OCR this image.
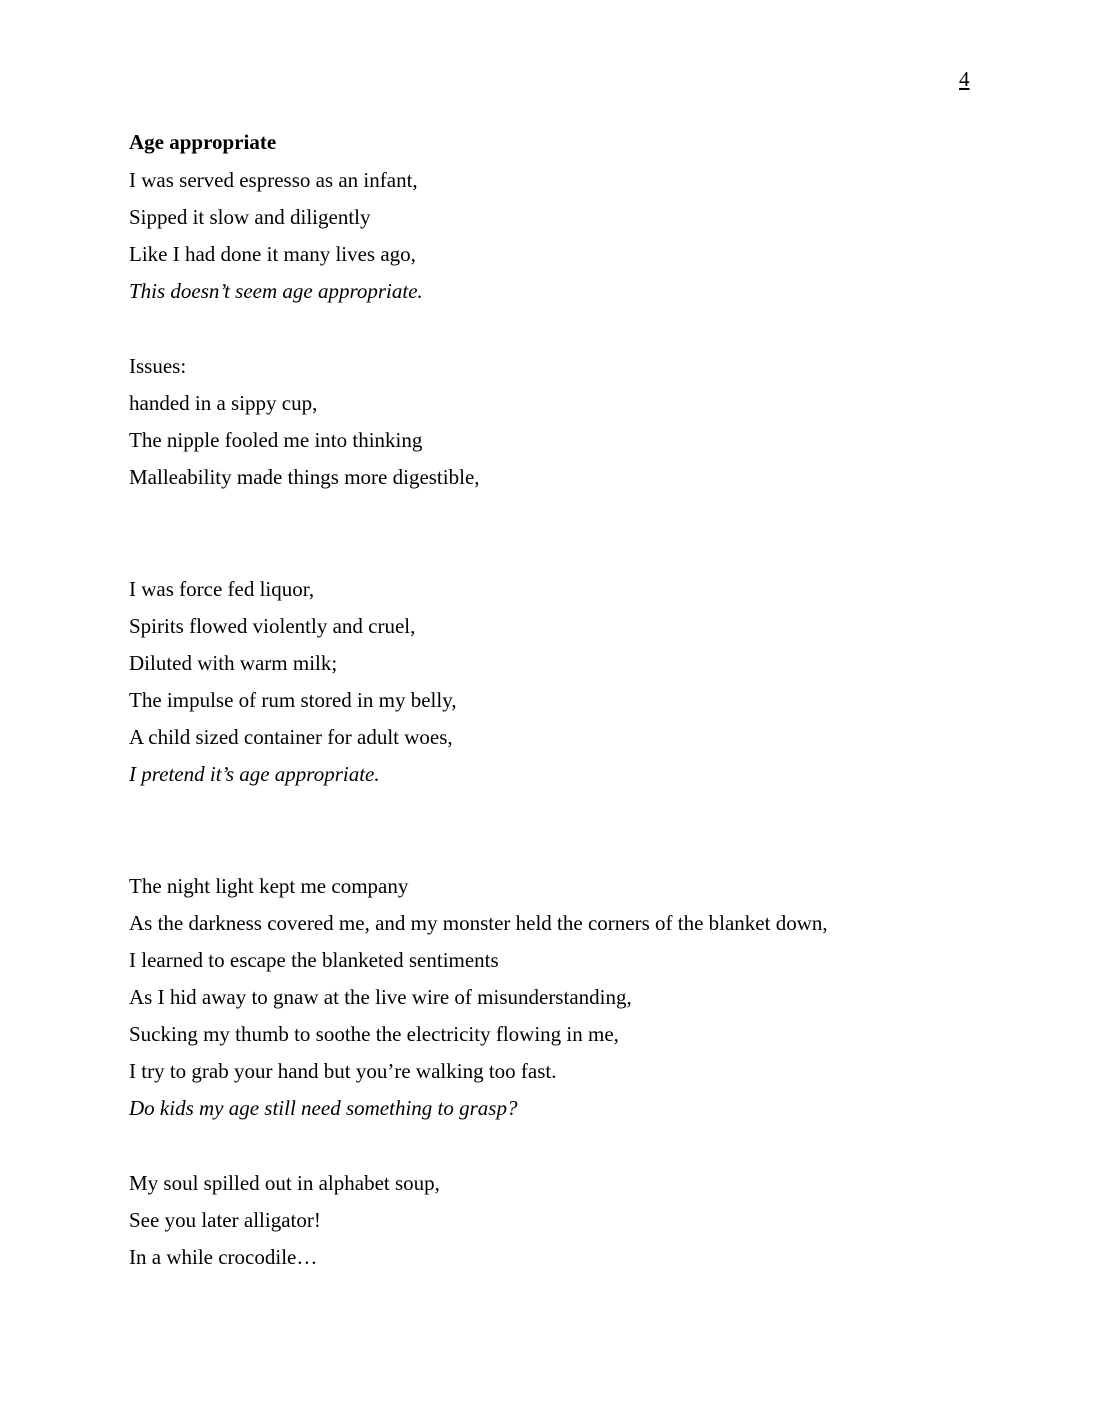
4
Age appropriate
I was served espresso as an infant,
Sipped it slow and diligently
Like I had done it many lives ago,
This doesn’t seem age appropriate.
Issues:
handed in a sippy cup,
The nipple fooled me into thinking
Malleability made things more digestible,
I was force fed liquor,
Spirits flowed violently and cruel,
Diluted with warm milk;
The impulse of rum stored in my belly,
A child sized container for adult woes,
I pretend it’s age appropriate.
The night light kept me company
As the darkness covered me, and my monster held the corners of the blanket down,
I learned to escape the blanketed sentiments
As I hid away to gnaw at the live wire of misunderstanding,
Sucking my thumb to soothe the electricity flowing in me,
I try to grab your hand but you’re walking too fast.
Do kids my age still need something to grasp?
My soul spilled out in alphabet soup,
See you later alligator!
In a while crocodile…
